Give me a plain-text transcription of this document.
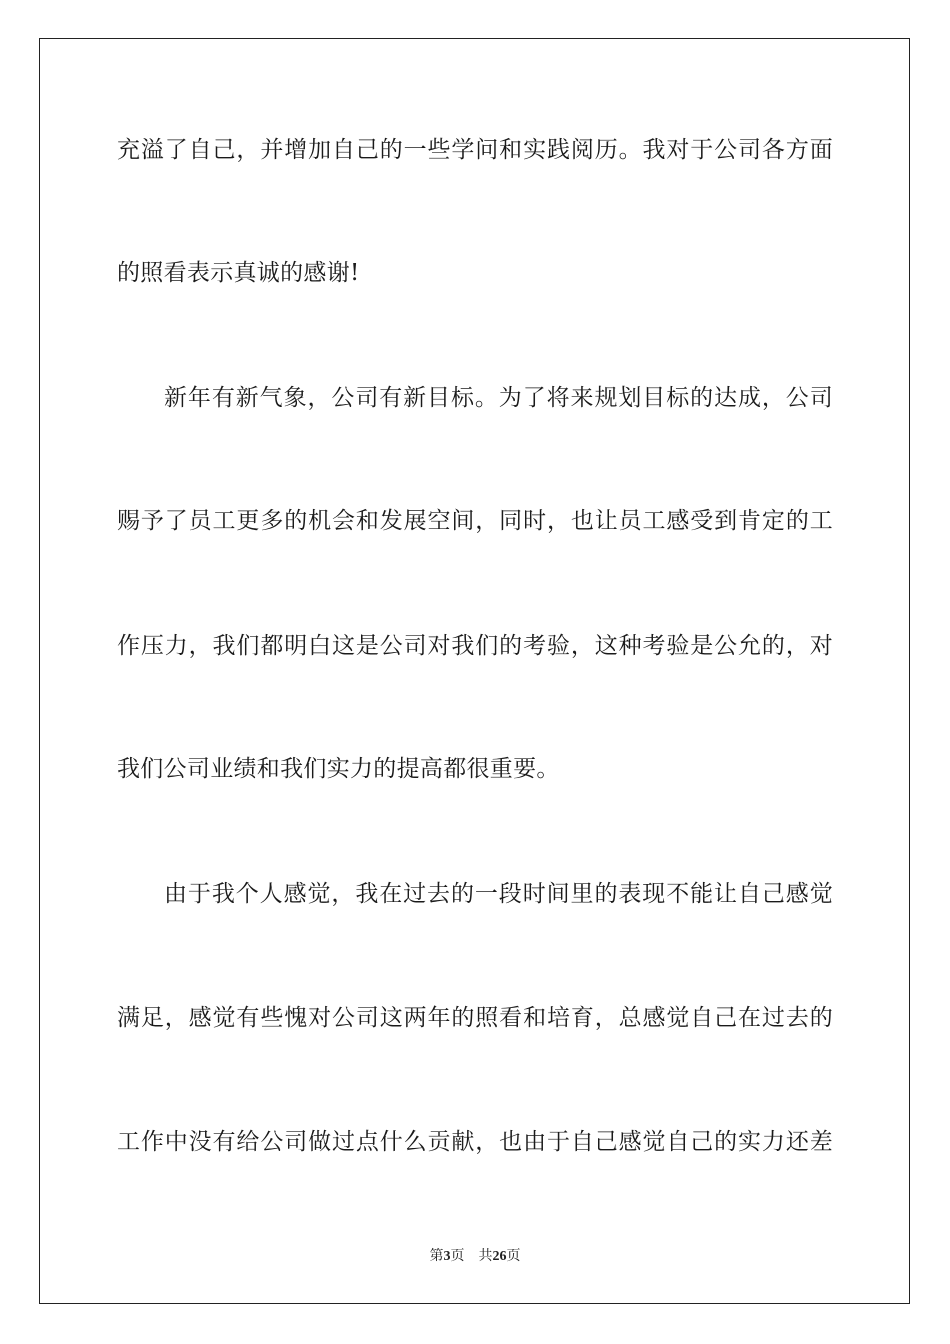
充溢了自己，并增加自己的一些学问和实践阅历。我对于公司各方面
的照看表示真诚的感谢!
新年有新气象，公司有新目标。为了将来规划目标的达成，公司
赐予了员工更多的机会和发展空间，同时，也让员工感受到肯定的工
作压力，我们都明白这是公司对我们的考验，这种考验是公允的，对
我们公司业绩和我们实力的提高都很重要。
由于我个人感觉，我在过去的一段时间里的表现不能让自己感觉
满足，感觉有些愧对公司这两年的照看和培育，总感觉自己在过去的
工作中没有给公司做过点什么贡献，也由于自己感觉自己的实力还差
第3页 共26页
